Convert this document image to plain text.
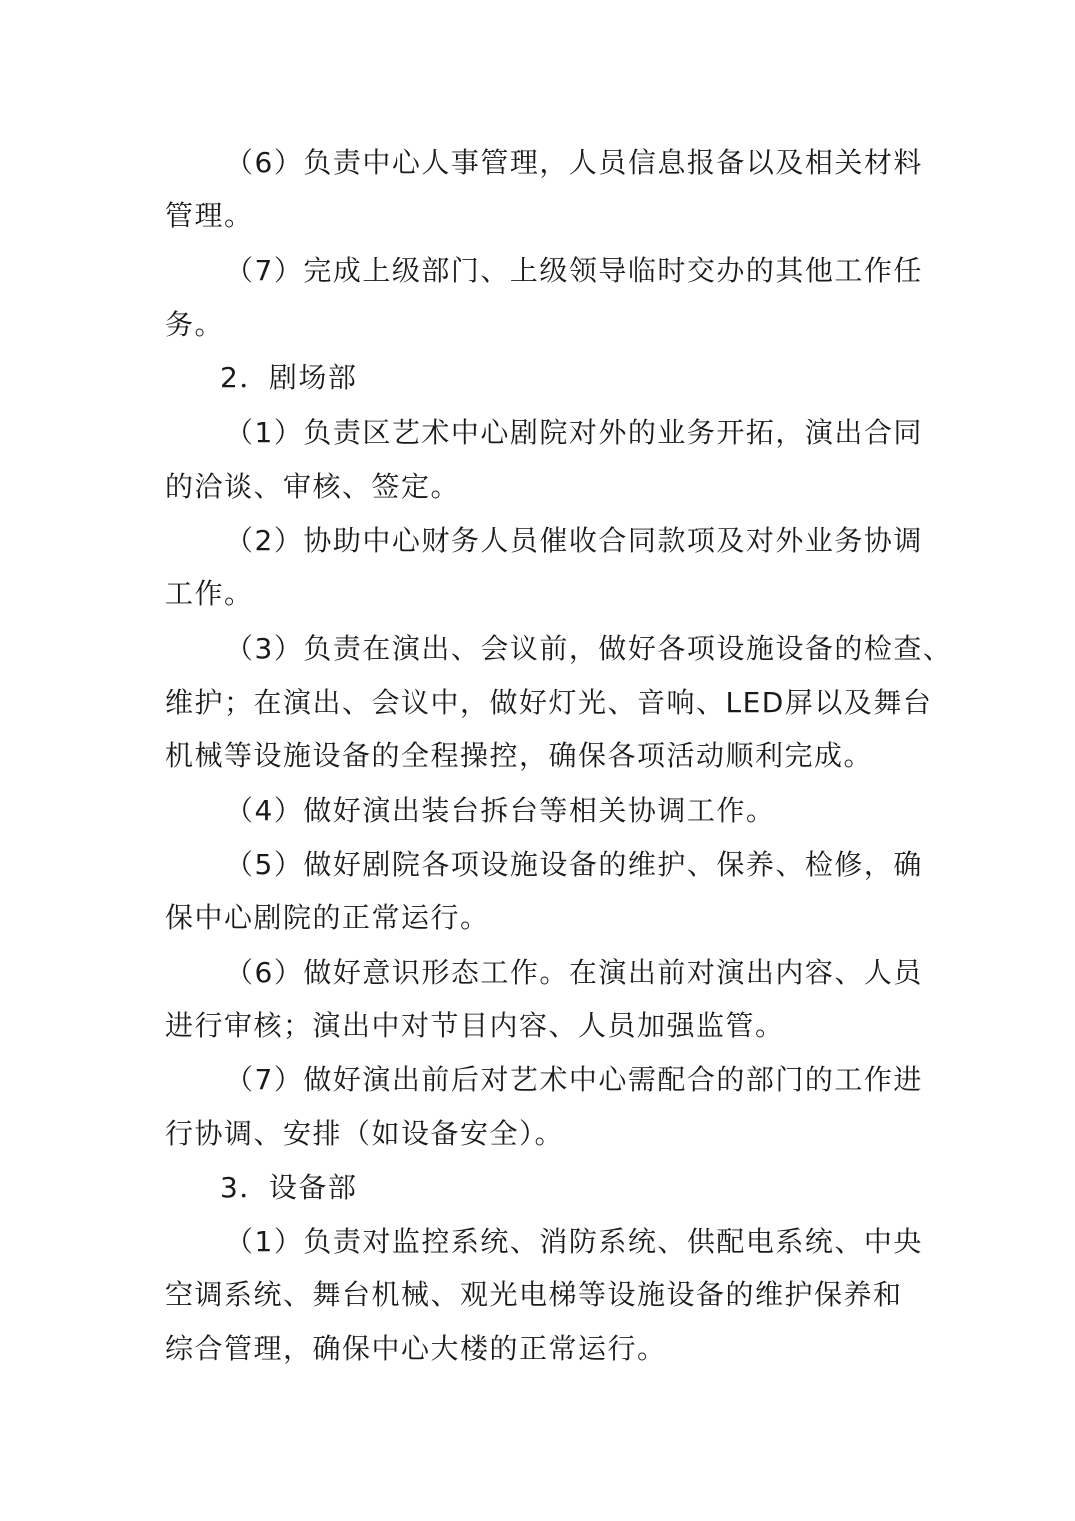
（6）负责中心人事管理，人员信息报备以及相关材料
管理。
（7）完成上级部门、上级领导临时交办的其他工作任
务。
2．剧场部
（1）负责区艺术中心剧院对外的业务开拓，演出合同
的洽谈、审核、签定。
（2）协助中心财务人员催收合同款项及对外业务协调
工作。
（3）负责在演出、会议前，做好各项设施设备的检查、
维护；在演出、会议中，做好灯光、音响、LED屏以及舞台
机械等设施设备的全程操控，确保各项活动顺利完成。
（4）做好演出装台拆台等相关协调工作。
（5）做好剧院各项设施设备的维护、保养、检修，确
保中心剧院的正常运行。
（6）做好意识形态工作。在演出前对演出内容、人员
进行审核；演出中对节目内容、人员加强监管。
（7）做好演出前后对艺术中心需配合的部门的工作进
行协调、安排（如设备安全）。
3．设备部
（1）负责对监控系统、消防系统、供配电系统、中央
空调系统、舞台机械、观光电梯等设施设备的维护保养和
综合管理，确保中心大楼的正常运行。
